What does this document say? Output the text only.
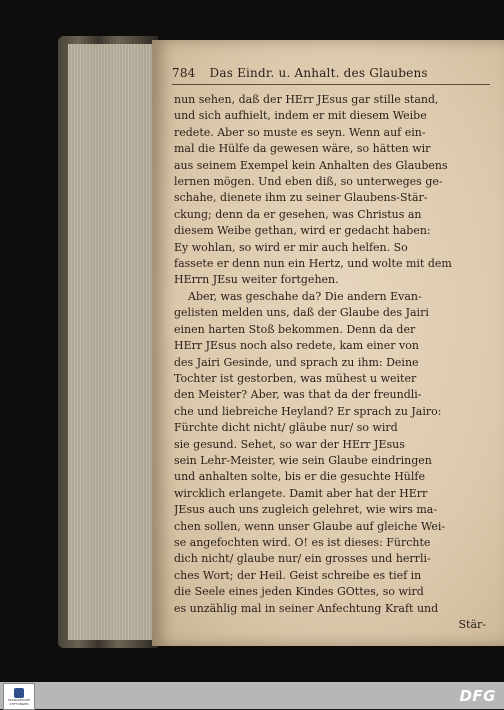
784 Das Eindr. u. Anhalt. des Glaubens
nun sehen, daß der HErr JEsus gar stille stand,
und sich aufhielt, indem er mit diesem Weibe
redete. Aber so muste es seyn. Wenn auf ein-
mal die Hülfe da gewesen wäre, so hätten wir
aus seinem Exempel kein Anhalten des Glaubens
lernen mögen. Und eben diß, so unterweges ge-
schahe, dienete ihm zu seiner Glaubens-Stär-
ckung; denn da er gesehen, was Christus an
diesem Weibe gethan, wird er gedacht haben:
Ey wohlan, so wird er mir auch helfen. So
fassete er denn nun ein Hertz, und wolte mit dem
HErrn JEsu weiter fortgehen.
Aber, was geschahe da? Die andern Evan-
gelisten melden uns, daß der Glaube des Jairi
einen harten Stoß bekommen. Denn da der
HErr JEsus noch also redete, kam einer von
des Jairi Gesinde, und sprach zu ihm: Deine
Tochter ist gestorben, was mühest u weiter
den Meister? Aber, was that da der freundli-
che und liebreiche Heyland? Er sprach zu Jairo:
Fürchte dicht nicht/ gläube nur/ so wird
sie gesund. Sehet, so war der HErr JEsus
sein Lehr-Meister, wie sein Glaube eindringen
und anhalten solte, bis er die gesuchte Hülfe
wircklich erlangete. Damit aber hat der HErr
JEsus auch uns zugleich gelehret, wie wirs ma-
chen sollen, wenn unser Glaube auf gleiche Wei-
se angefochten wird. O! es ist dieses: Fürchte
dich nicht/ glaube nur/ ein grosses und herrli-
ches Wort; der Heil. Geist schreibe es tief in
die Seele eines jeden Kindes GOttes, so wird
es unzählig mal in seiner Anfechtung Kraft und
Stär-
FRANCKESCHE STIFTUNGEN	DFG
